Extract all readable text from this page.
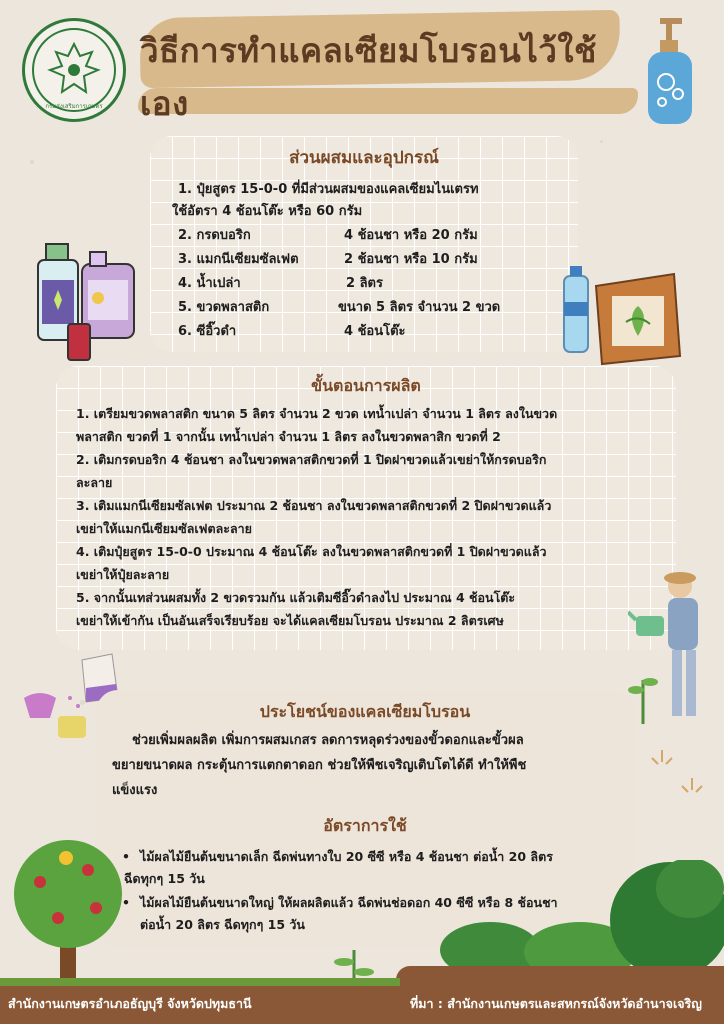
กรมส่งเสริมการเกษตร
วิธีการทำแคลเซียมโบรอนไว้ใช้เอง
ส่วนผสมและอุปกรณ์
1. ปุ๋ยสูตร 15-0-0 ที่มีส่วนผสมของแคลเซียมไนเตรท
ใช้อัตรา 4 ช้อนโต๊ะ หรือ 60 กรัม
2. กรดบอริก	4 ช้อนชา หรือ 20 กรัม
3. แมกนีเซียมซัลเฟต	2 ช้อนชา หรือ 10 กรัม
4. น้ำเปล่า	2 ลิตร
5. ขวดพลาสติก	ขนาด 5 ลิตร จำนวน 2 ขวด
6. ซีอิ๊วดำ	4 ช้อนโต๊ะ
ขั้นตอนการผลิต
1. เตรียมขวดพลาสติก ขนาด 5 ลิตร จำนวน 2 ขวด เทน้ำเปล่า จำนวน 1 ลิตร ลงในขวด
พลาสติก ขวดที่ 1 จากนั้น เทน้ำเปล่า จำนวน 1 ลิตร ลงในขวดพลาสิก ขวดที่ 2
2. เติมกรดบอริก 4 ช้อนชา ลงในขวดพลาสติกขวดที่ 1 ปิดฝาขวดแล้วเขย่าให้กรดบอริก
ละลาย
3. เติมแมกนีเซียมซัลเฟต ประมาณ 2 ช้อนชา ลงในขวดพลาสติกขวดที่ 2 ปิดฝาขวดแล้ว
เขย่าให้แมกนีเซียมซัลเฟตละลาย
4. เติมปุ๋ยสูตร 15-0-0 ประมาณ 4 ช้อนโต๊ะ ลงในขวดพลาสติกขวดที่ 1 ปิดฝาขวดแล้ว
เขย่าให้ปุ๋ยละลาย
5. จากนั้นเทส่วนผสมทั้ง 2 ขวดรวมกัน แล้วเติมซีอิ๊วดำลงไป ประมาณ 4 ช้อนโต๊ะ
เขย่าให้เข้ากัน เป็นอันเสร็จเรียบร้อย จะได้แคลเซียมโบรอน ประมาณ 2 ลิตรเศษ
ประโยชน์ของแคลเซียมโบรอน
ช่วยเพิ่มผลผลิต เพิ่มการผสมเกสร ลดการหลุดร่วงของขั้วดอกและขั้วผล
ขยายขนาดผล กระตุ้นการแตกตาดอก ช่วยให้พืชเจริญเติบโตได้ดี ทำให้พืช
แข็งแรง
อัตราการใช้
• ไม้ผลไม้ยืนต้นขนาดเล็ก ฉีดพ่นทางใบ 20 ซีซี หรือ 4 ช้อนชา ต่อน้ำ 20 ลิตร
ฉีดทุกๆ 15 วัน
• ไม้ผลไม้ยืนต้นขนาดใหญ่ ให้ผลผลิตแล้ว ฉีดพ่นช่อดอก 40 ซีซี หรือ 8 ช้อนชา
ต่อน้ำ 20 ลิตร ฉีดทุกๆ 15 วัน
สำนักงานเกษตรอำเภอธัญบุรี จังหวัดปทุมธานี	ที่มา : สำนักงานเกษตรและสหกรณ์จังหวัดอำนาจเจริญ
